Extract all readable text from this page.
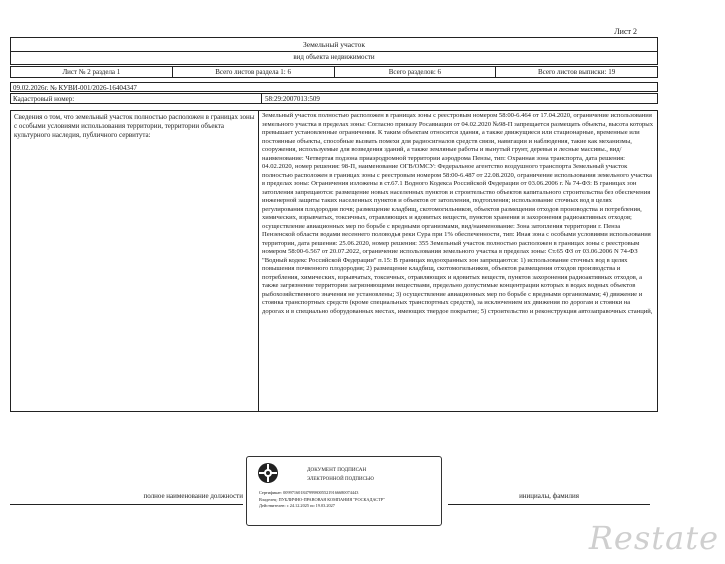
Лист 2
Земельный участок
вид объекта недвижимости
Лист № 2 раздела 1	Всего листов раздела 1: 6	Всего разделов: 6	Всего листов выписки: 19
09.02.2026г. № КУВИ-001/2026-16404347
Кадастровый номер:	58:29:2007013:509
Сведения о том, что земельный участок полностью расположен в границах зоны с особыми условиями использования территории, территории объекта культурного наследия, публичного сервитута:
Земельный участок полностью расположен в границах зоны с реестровым номером 58:00-6.464 от 17.04.2020, ограничение использования земельного участка в пределах зоны: Согласно приказу Росавиации от 04.02.2020 №98-П запрещается размещать объекты, высота которых превышает установленные ограничения. К таким объектам относятся здания, а также движущиеся или стационарные, временные или постоянные объекты, способные вызвать помехи для радиосигналов средств связи, навигации и наблюдения, такие как механизмы, сооружения, используемые для возведения зданий, а также земляные работы и вынутый грунт, деревья и лесные массивы., вид/наименование: Четвертая подзона приаэродромной территории аэродрома Пензы, тип: Охранная зона транспорта, дата решения: 04.02.2020, номер решения: 98-П, наименование ОГВ/ОМСУ: Федеральное агентство воздушного транспорта Земельный участок полностью расположен в границах зоны с реестровым номером 58:00-6.487 от 22.08.2020, ограничение использования земельного участка в пределах зоны: Ограничения изложены в ст.67.1 Водного Кодекса Российской Федерации от 03.06.2006 г. № 74-ФЗ: В границах зон затопления запрещаются: размещение новых населенных пунктов и строительство объектов капитального строительства без обеспечения инженерной защиты таких населенных пунктов и объектов от затопления, подтопления; использование сточных вод в целях регулирования плодородия почв; размещение кладбищ, скотомогильников, объектов размещения отходов производства и потребления, химических, взрывчатых, токсичных, отравляющих и ядовитых веществ, пунктов хранения и захоронения радиоактивных отходов; осуществление авиационных мер по борьбе с вредными организмами, вид/наименование: Зона затопления территории г. Пенза Пензенской области водами весеннего половодья реки Сура при 1% обеспеченности, тип: Иная зона с особыми условиями использования территории, дата решения: 25.06.2020, номер решения: 355 Земельный участок полностью расположен в границах зоны с реестровым номером 58:00-6.567 от 20.07.2022, ограничение использования земельного участка в пределах зоны: Ст.65 ФЗ от 03.06.2006 N 74-ФЗ "Водный кодекс Российской Федерации" п.15: В границах водоохранных зон запрещаются: 1) использование сточных вод в целях повышения почвенного плодородия; 2) размещение кладбищ, скотомогильников, объектов размещения отходов производства и потребления, химических, взрывчатых, токсичных, отравляющих и ядовитых веществ, пунктов захоронения радиоактивных отходов, а также загрязнение территории загрязняющими веществами, предельно допустимые концентрации которых в водах водных объектов рыбохозяйственного значения не установлены; 3) осуществление авиационных мер по борьбе с вредными организмами; 4) движение и стоянка транспортных средств (кроме специальных транспортных средств), за исключением их движения по дорогам и стоянки на дорогах и в специально оборудованных местах, имеющих твердое покрытие; 5) строительство и реконструкция автозаправочных станций,
ДОКУМЕНТ ПОДПИСАН
ЭЛЕКТРОННОЙ ПОДПИСЬЮ
Сертификат: 00997160184799980055219166680074443
Владелец: ПУБЛИЧНО-ПРАВОВАЯ КОМПАНИЯ "РОСКАДАСТР"
Действителен: с 24.12.2025 по 19.03.2027
полное наименование должности	инициалы, фамилия
Restate
